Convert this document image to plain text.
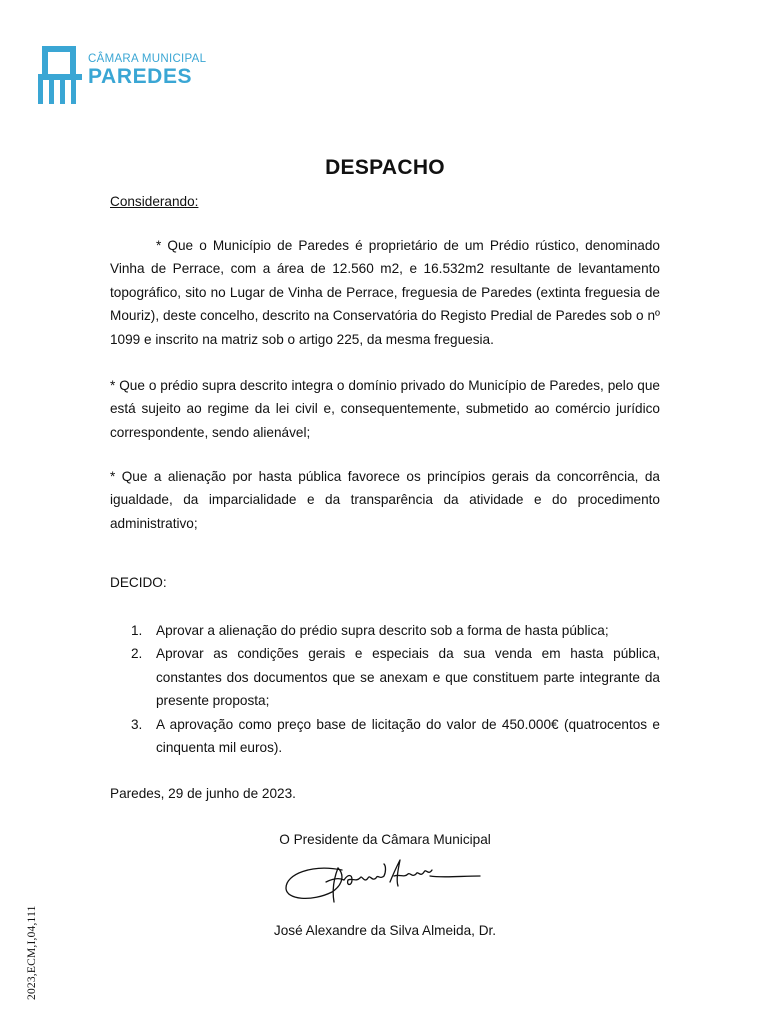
CÂMARA MUNICIPAL
PAREDES
DESPACHO
Considerando:
* Que o Município de Paredes é proprietário de um Prédio rústico, denominado Vinha de Perrace, com a área de 12.560 m2, e 16.532m2 resultante de levantamento topográfico, sito no Lugar de Vinha de Perrace, freguesia de Paredes (extinta freguesia de Mouriz), deste concelho, descrito na Conservatória do Registo Predial de Paredes sob o nº 1099 e inscrito na matriz sob o artigo 225, da mesma freguesia.
* Que o prédio supra descrito integra o domínio privado do Município de Paredes, pelo que está sujeito ao regime da lei civil e, consequentemente, submetido ao comércio jurídico correspondente, sendo alienável;
* Que a alienação por hasta pública favorece os princípios gerais da concorrência, da igualdade, da imparcialidade e da transparência da atividade e do procedimento administrativo;
DECIDO:
1. Aprovar a alienação do prédio supra descrito sob a forma de hasta pública;
2. Aprovar as condições gerais e especiais da sua venda em hasta pública, constantes dos documentos que se anexam e que constituem parte integrante da presente proposta;
3. A aprovação como preço base de licitação do valor de 450.000€ (quatrocentos e cinquenta mil euros).
Paredes, 29 de junho de 2023.
O Presidente da Câmara Municipal
José Alexandre da Silva Almeida, Dr.
2023,ECM,I,04,111
